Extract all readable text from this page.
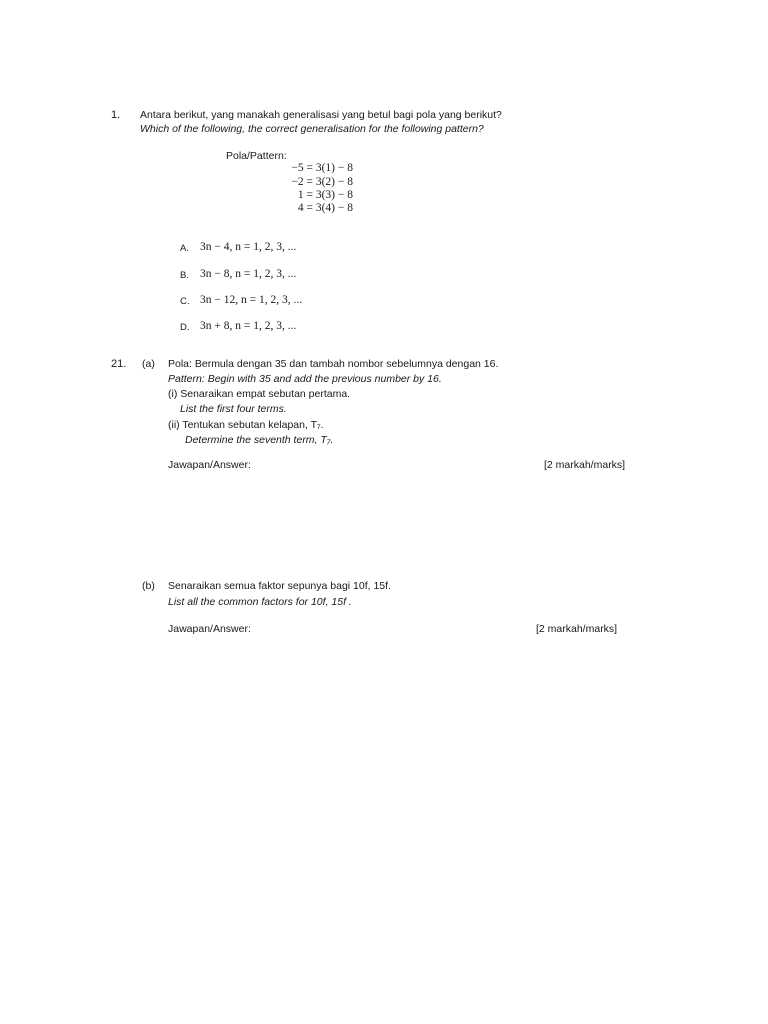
1. Antara berikut, yang manakah generalisasi yang betul bagi pola yang berikut?
Which of the following, the correct generalisation for the following pattern?
Pola/Pattern:
−5 = 3(1) − 8
−2 = 3(2) − 8
1 = 3(3) − 8
4 = 3(4) − 8
A. 3n − 4, n = 1, 2, 3, ...
B. 3n − 8, n = 1, 2, 3, ...
C. 3n − 12, n = 1, 2, 3, ...
D. 3n + 8, n = 1, 2, 3, ...
21. (a) Pola: Bermula dengan 35 dan tambah nombor sebelumnya dengan 16.
Pattern: Begin with 35 and add the previous number by 16.
(i) Senaraikan empat sebutan pertama.
List the first four terms.
(ii) Tentukan sebutan kelapan, T₇.
Determine the seventh term, T₇.
Jawapan/Answer:	[2 markah/marks]
(b) Senaraikan semua faktor sepunya bagi 10f, 15f.
List all the common factors for 10f, 15f .
Jawapan/Answer:	[2 markah/marks]
